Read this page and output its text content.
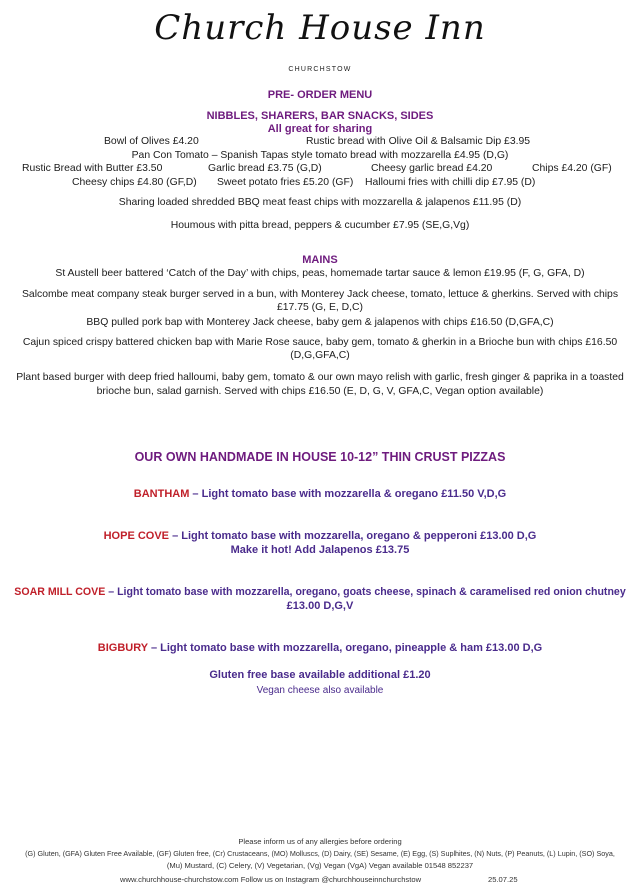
Church House Inn
CHURCHSTOW
PRE- ORDER MENU
NIBBLES, SHARERS, BAR SNACKS, SIDES
All great for sharing
Bowl of Olives £4.20	Rustic bread with Olive Oil & Balsamic Dip £3.95
Pan Con Tomato – Spanish Tapas style tomato bread with mozzarella £4.95 (D,G)
Rustic Bread with Butter £3.50	Garlic bread £3.75 (G,D)	Cheesy garlic bread £4.20	Chips £4.20 (GF)
Cheesy chips £4.80 (GF,D) Sweet potato fries £5.20 (GF) Halloumi fries with chilli dip £7.95 (D)
Sharing loaded shredded BBQ meat feast chips with mozzarella & jalapenos £11.95 (D)
Houmous with pitta bread, peppers & cucumber £7.95 (SE,G,Vg)
MAINS
St Austell beer battered ‘Catch of the Day’ with chips, peas, homemade tartar sauce & lemon £19.95 (F, G, GFA, D)
Salcombe meat company steak burger served in a bun, with Monterey Jack cheese, tomato, lettuce & gherkins. Served with chips
£17.75 (G, E, D,C)
BBQ pulled pork bap with Monterey Jack cheese, baby gem & jalapenos with chips £16.50 (D,GFA,C)
Cajun spiced crispy battered chicken bap with Marie Rose sauce, baby gem, tomato & gherkin in a Brioche bun with chips £16.50
(D,G,GFA,C)
Plant based burger with deep fried halloumi, baby gem, tomato & our own mayo relish with garlic, fresh ginger & paprika in a toasted
brioche bun, salad garnish. Served with chips £16.50 (E, D, G, V, GFA,C, Vegan option available)
OUR OWN HANDMADE IN HOUSE 10-12” THIN CRUST PIZZAS
BANTHAM – Light tomato base with mozzarella & oregano £11.50 V,D,G
HOPE COVE – Light tomato base with mozzarella, oregano & pepperoni £13.00 D,G
Make it hot! Add Jalapenos £13.75
SOAR MILL COVE – Light tomato base with mozzarella, oregano, goats cheese, spinach & caramelised red onion chutney
£13.00 D,G,V
BIGBURY – Light tomato base with mozzarella, oregano, pineapple & ham £13.00 D,G
Gluten free base available additional £1.20
Vegan cheese also available
Please inform us of any allergies before ordering
(G) Gluten, (GFA) Gluten Free Available, (GF) Gluten free, (Cr) Crustaceans, (MO) Molluscs, (D) Dairy, (SE) Sesame, (E) Egg, (S) Suplhites, (N) Nuts, (P) Peanuts, (L) Lupin, (SO) Soya,
(Mu) Mustard, (C) Celery, (V) Vegetarian, (Vg) Vegan (VgA) Vegan available 01548 852237
www.churchhouse-churchstow.com Follow us on Instagram @churchhouseinnchurchstow	25.07.25
